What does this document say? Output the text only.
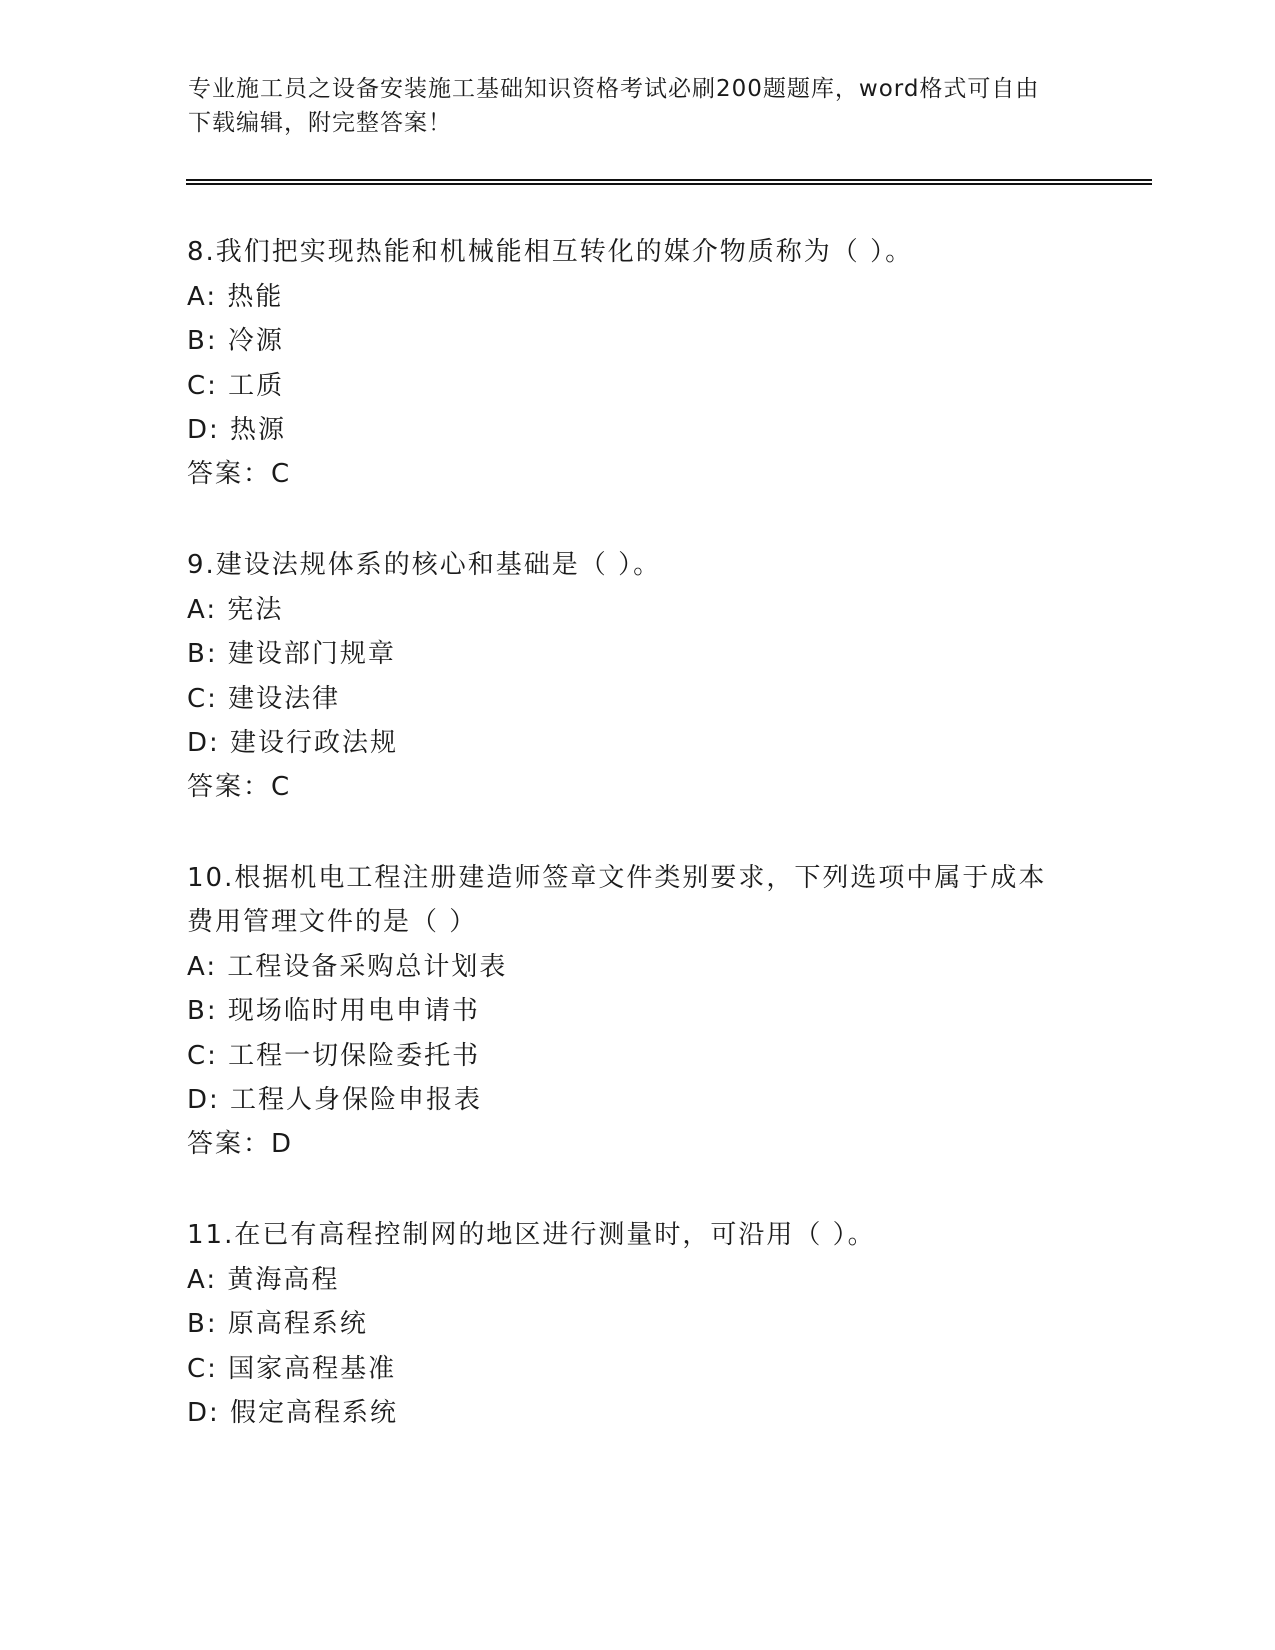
专业施工员之设备安装施工基础知识资格考试必刷200题题库，word格式可自由
下载编辑，附完整答案！
8.我们把实现热能和机械能相互转化的媒介物质称为（ ）。
A: 热能
B: 冷源
C: 工质
D: 热源
答案：C
9.建设法规体系的核心和基础是（ ）。
A: 宪法
B: 建设部门规章
C: 建设法律
D: 建设行政法规
答案：C
10.根据机电工程注册建造师签章文件类别要求，下列选项中属于成本
费用管理文件的是（ ）
A: 工程设备采购总计划表
B: 现场临时用电申请书
C: 工程一切保险委托书
D: 工程人身保险申报表
答案：D
11.在已有高程控制网的地区进行测量时，可沿用（ ）。
A: 黄海高程
B: 原高程系统
C: 国家高程基准
D: 假定高程系统
